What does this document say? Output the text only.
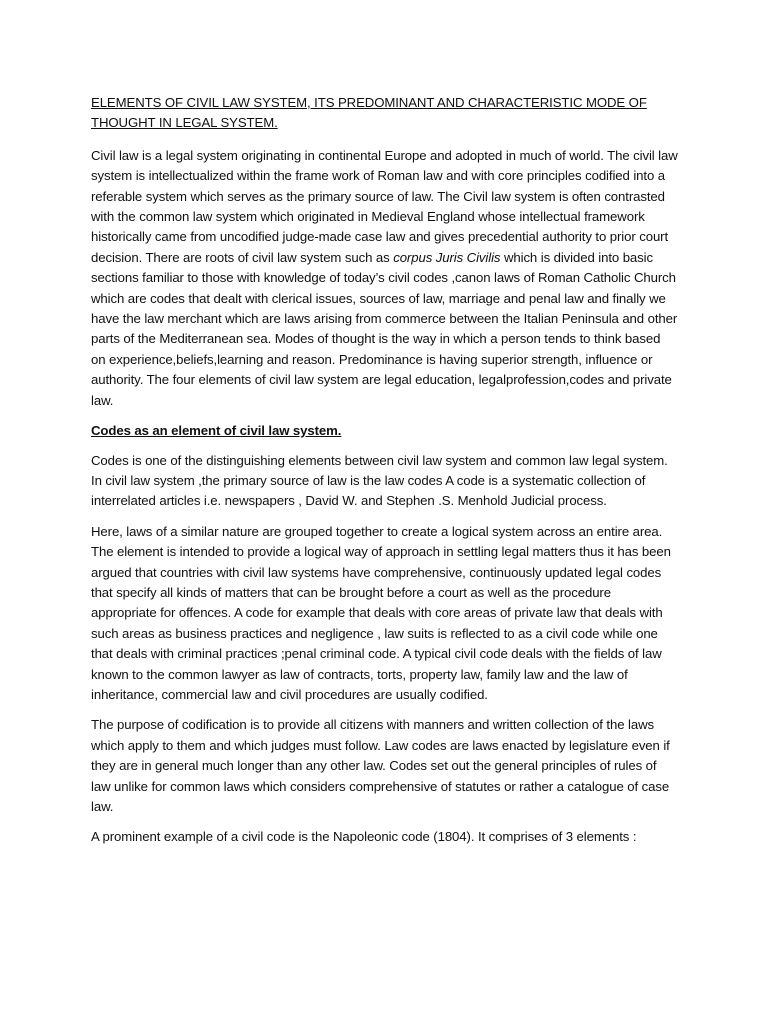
ELEMENTS OF CIVIL LAW SYSTEM, ITS PREDOMINANT AND CHARACTERISTIC MODE OF THOUGHT IN LEGAL SYSTEM.

Civil law is a legal system originating in continental Europe and adopted in much of world. The civil law system is intellectualized within the frame work of Roman law and with core principles codified into a referable system which serves as the primary source of law. The Civil law system is often contrasted with the common law system which originated in Medieval England whose intellectual framework historically came from uncodified judge-made case law and gives precedential authority to prior court decision. There are roots of civil law system such as corpus Juris Civilis which is divided into basic sections familiar to those with knowledge of today’s civil codes ,canon laws of Roman Catholic Church which are codes that dealt with clerical issues, sources of law, marriage and penal law and finally we have the law merchant which are laws arising from commerce between the Italian Peninsula and other parts of the Mediterranean sea. Modes of thought is the way in which a person tends to think based on experience,beliefs,learning and reason. Predominance is having superior strength, influence or authority. The four elements of civil law system are legal education, legalprofession,codes and private law.

Codes as an element of civil law system.

Codes is one of the distinguishing elements between civil law system and common law legal system. In civil law system ,the primary source of law is the law codes A code is a systematic collection of interrelated articles i.e. newspapers , David W. and Stephen .S. Menhold Judicial process.

Here, laws of a similar nature are grouped together to create a logical system across an entire area. The element is intended to provide a logical way of approach in settling legal matters thus it has been argued that countries with civil law systems have comprehensive, continuously updated legal codes that specify all kinds of matters that can be brought before a court as well as the procedure appropriate for offences. A code for example that deals with core areas of private law that deals with such areas as business practices and negligence , law suits is reflected to as a civil code while one that deals with criminal practices ;penal criminal code. A typical civil code deals with the fields of law known to the common lawyer as law of contracts, torts, property law, family law and the law of inheritance, commercial law and civil procedures are usually codified.

The purpose of codification is to provide all citizens with manners and written collection of the laws which apply to them and which judges must follow. Law codes are laws enacted by legislature even if they are in general much longer than any other law. Codes set out the general principles of rules of law unlike for common laws which considers comprehensive of statutes or rather a catalogue of case law.

A prominent example of a civil code is the Napoleonic code (1804). It comprises of 3 elements :
